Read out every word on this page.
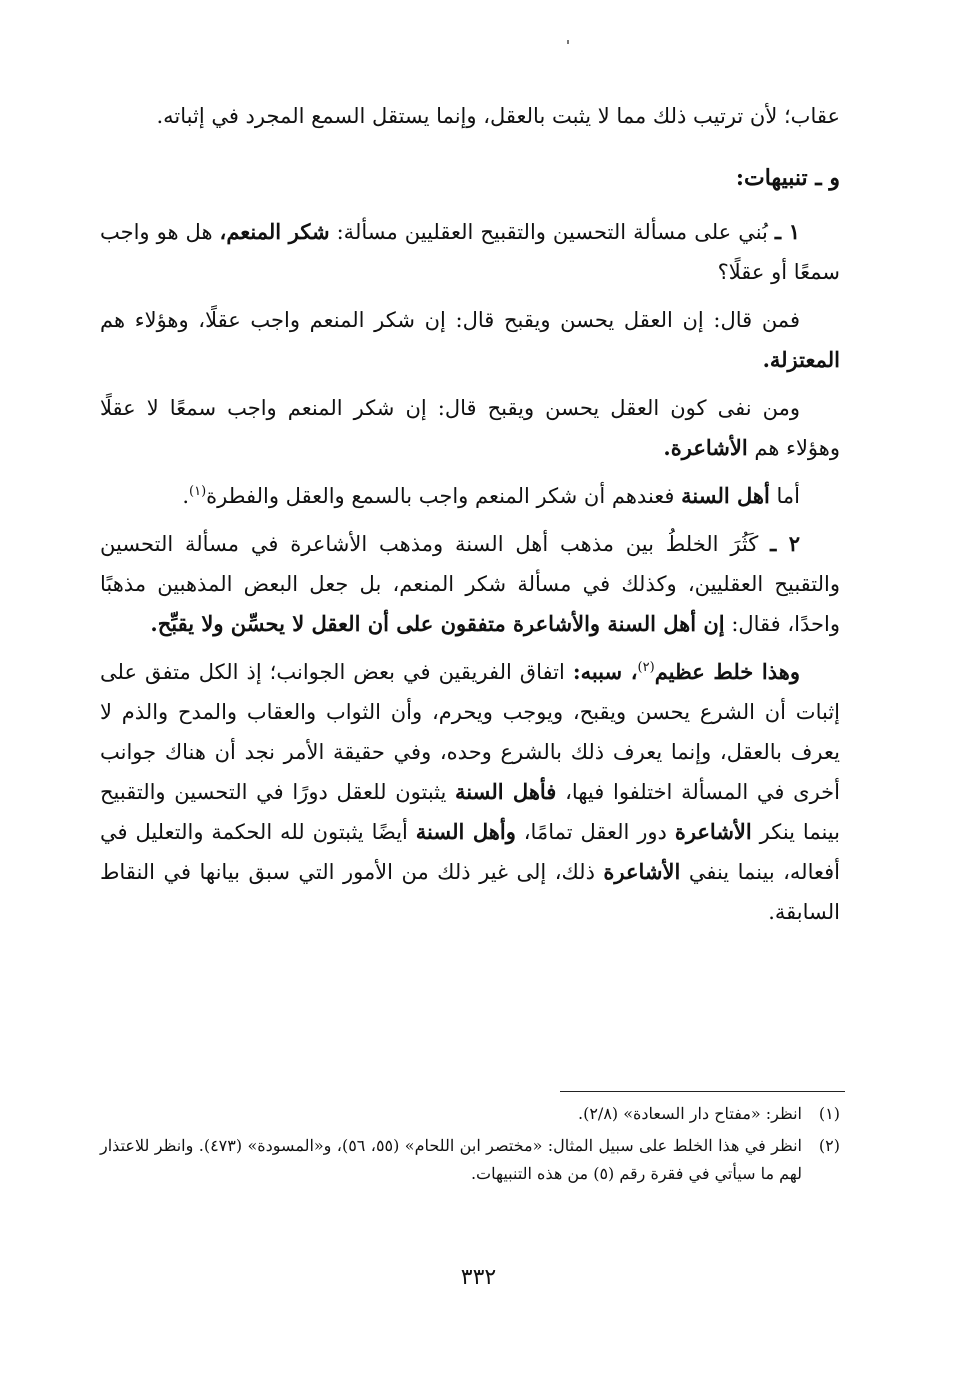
عقاب؛ لأن ترتيب ذلك مما لا يثبت بالعقل، وإنما يستقل السمع المجرد في إثباته.

و ـ تنبيهات:

١ ـ بُني على مسألة التحسين والتقبيح العقليين مسألة: شكر المنعم، هل هو واجب سمعًا أو عقلًا؟

فمن قال: إن العقل يحسن ويقبح قال: إن شكر المنعم واجب عقلًا، وهؤلاء هم المعتزلة.

ومن نفى كون العقل يحسن ويقبح قال: إن شكر المنعم واجب سمعًا لا عقلًا وهؤلاء هم الأشاعرة.

أما أهل السنة فعندهم أن شكر المنعم واجب بالسمع والعقل والفطرة$^{(١)}$.

٢ ـ كَثُرَ الخلطُ بين مذهب أهل السنة ومذهب الأشاعرة في مسألة التحسين والتقبيح العقليين، وكذلك في مسألة شكر المنعم، بل جعل البعض المذهبين مذهبًا واحدًا، فقال: إن أهل السنة والأشاعرة متفقون على أن العقل لا يحسِّن ولا يقبِّح.

وهذا خلط عظيم$^{(٢)}$، سببه: اتفاق الفريقين في بعض الجوانب؛ إذ الكل متفق على إثبات أن الشرع يحسن ويقبح، ويوجب ويحرم، وأن الثواب والعقاب والمدح والذم لا يعرف بالعقل، وإنما يعرف ذلك بالشرع وحده، وفي حقيقة الأمر نجد أن هناك جوانب أخرى في المسألة اختلفوا فيها، فأهل السنة يثبتون للعقل دورًا في التحسين والتقبيح بينما ينكر الأشاعرة دور العقل تمامًا، وأهل السنة أيضًا يثبتون لله الحكمة والتعليل في أفعاله، بينما ينفي الأشاعرة ذلك، إلى غير ذلك من الأمور التي سبق بيانها في النقاط السابقة.

(١)
انظر: «مفتاح دار السعادة» (٢/٨).
(٢)
انظر في هذا الخلط على سبيل المثال: «مختصر ابن اللحام» (٥٥، ٥٦)، و«المسودة» (٤٧٣). وانظر للاعتذار لهم ما سيأتي في فقرة رقم (٥) من هذه التنبيهات.
٣٣٢
